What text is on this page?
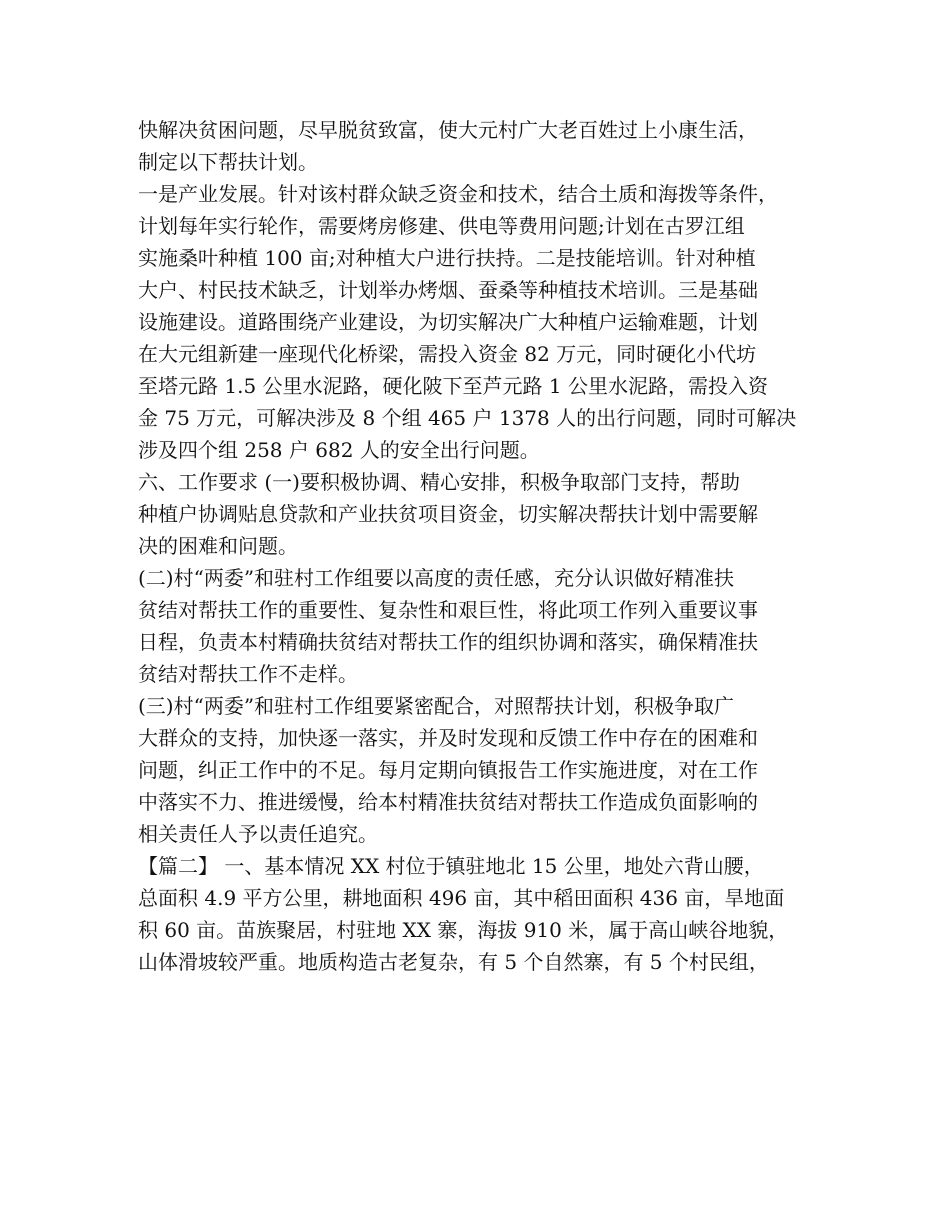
快解决贫困问题，尽早脱贫致富，使大元村广大老百姓过上小康生活，
制定以下帮扶计划。
一是产业发展。针对该村群众缺乏资金和技术，结合土质和海拨等条件，
计划每年实行轮作，需要烤房修建、供电等费用问题;计划在古罗江组
实施桑叶种植 100 亩;对种植大户进行扶持。二是技能培训。针对种植
大户、村民技术缺乏，计划举办烤烟、蚕桑等种植技术培训。三是基础
设施建设。道路围绕产业建设，为切实解决广大种植户运输难题，计划
在大元组新建一座现代化桥梁，需投入资金 82 万元，同时硬化小代坊
至塔元路 1.5 公里水泥路，硬化陂下至芦元路 1 公里水泥路，需投入资
金 75 万元，可解决涉及 8 个组 465 户 1378 人的出行问题，同时可解决
涉及四个组 258 户 682 人的安全出行问题。
六、工作要求 (一)要积极协调、精心安排，积极争取部门支持，帮助
种植户协调贴息贷款和产业扶贫项目资金，切实解决帮扶计划中需要解
决的困难和问题。
(二)村“两委”和驻村工作组要以高度的责任感，充分认识做好精准扶
贫结对帮扶工作的重要性、复杂性和艰巨性，将此项工作列入重要议事
日程，负责本村精确扶贫结对帮扶工作的组织协调和落实，确保精准扶
贫结对帮扶工作不走样。
(三)村“两委”和驻村工作组要紧密配合，对照帮扶计划，积极争取广
大群众的支持，加快逐一落实，并及时发现和反馈工作中存在的困难和
问题，纠正工作中的不足。每月定期向镇报告工作实施进度，对在工作
中落实不力、推进缓慢，给本村精准扶贫结对帮扶工作造成负面影响的
相关责任人予以责任追究。
【篇二】 一、基本情况 XX 村位于镇驻地北 15 公里，地处六背山腰，
总面积 4.9 平方公里，耕地面积 496 亩，其中稻田面积 436 亩，旱地面
积 60 亩。苗族聚居，村驻地 XX 寨，海拔 910 米，属于高山峡谷地貌，
山体滑坡较严重。地质构造古老复杂，有 5 个自然寨，有 5 个村民组，
